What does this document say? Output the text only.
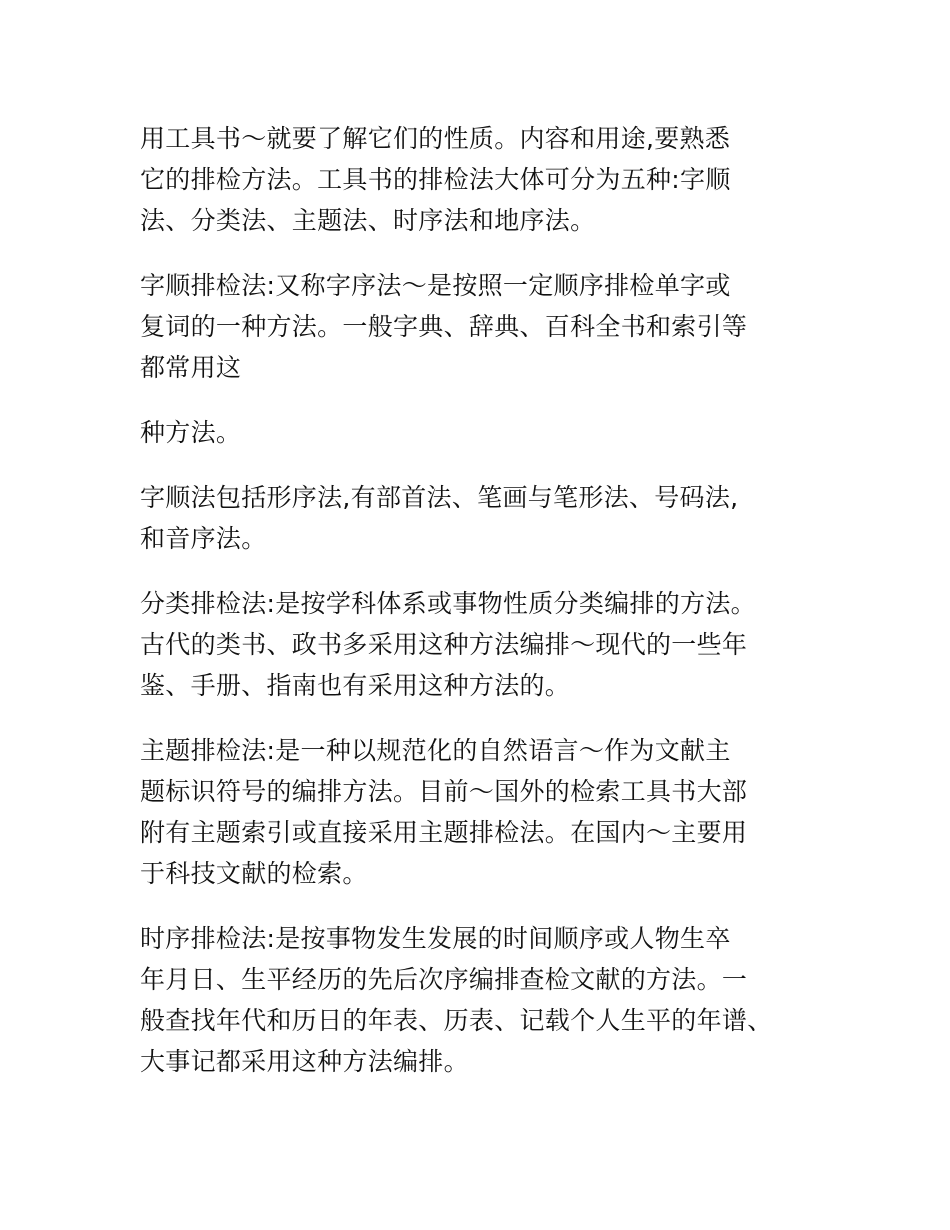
用工具书～就要了解它们的性质。内容和用途,要熟悉
它的排检方法。工具书的排检法大体可分为五种:字顺
法、分类法、主题法、时序法和地序法。

字顺排检法:又称字序法～是按照一定顺序排检单字或
复词的一种方法。一般字典、辞典、百科全书和索引等
都常用这

种方法。

字顺法包括形序法,有部首法、笔画与笔形法、号码法,
和音序法。

分类排检法:是按学科体系或事物性质分类编排的方法。
古代的类书、政书多采用这种方法编排～现代的一些年
鉴、手册、指南也有采用这种方法的。

主题排检法:是一种以规范化的自然语言～作为文献主
题标识符号的编排方法。目前～国外的检索工具书大部
附有主题索引或直接采用主题排检法。在国内～主要用
于科技文献的检索。

时序排检法:是按事物发生发展的时间顺序或人物生卒
年月日、生平经历的先后次序编排查检文献的方法。一
般查找年代和历日的年表、历表、记载个人生平的年谱、
大事记都采用这种方法编排。
